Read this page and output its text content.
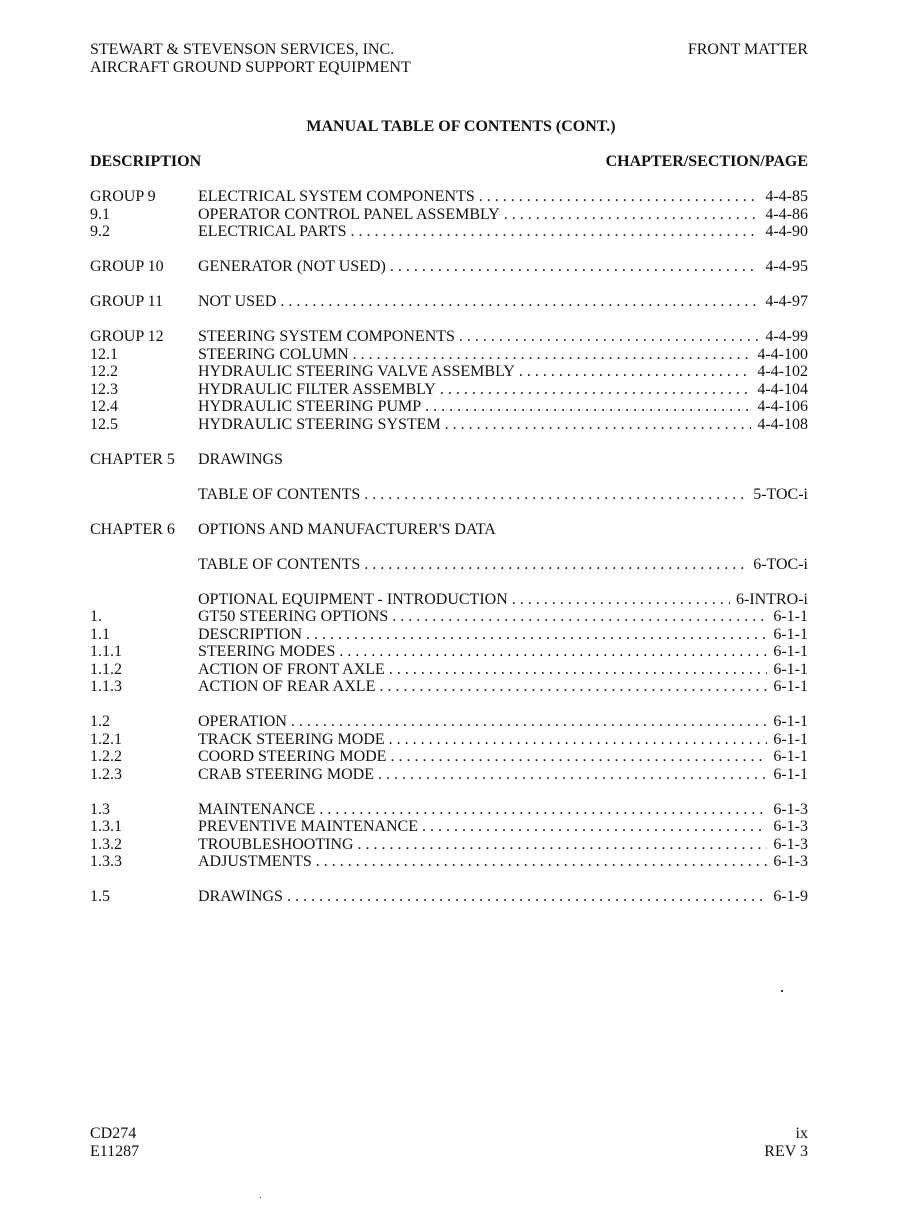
STEWART & STEVENSON SERVICES, INC.
AIRCRAFT GROUND SUPPORT EQUIPMENT
FRONT MATTER
MANUAL TABLE OF CONTENTS (CONT.)
DESCRIPTION	CHAPTER/SECTION/PAGE
GROUP 9	ELECTRICAL SYSTEM COMPONENTS . . .	4-4-85
9.1	OPERATOR CONTROL PANEL ASSEMBLY . . .	4-4-86
9.2	ELECTRICAL PARTS . . .	4-4-90
GROUP 10 GENERATOR (NOT USED) . . .	4-4-95
GROUP 11 NOT USED . . .	4-4-97
GROUP 12 STEERING SYSTEM COMPONENTS . . .	4-4-99
12.1	STEERING COLUMN . . .	4-4-100
12.2	HYDRAULIC STEERING VALVE ASSEMBLY . . .	4-4-102
12.3	HYDRAULIC FILTER ASSEMBLY . . .	4-4-104
12.4	HYDRAULIC STEERING PUMP . . .	4-4-106
12.5	HYDRAULIC STEERING SYSTEM . . .	4-4-108
CHAPTER 5 DRAWINGS
TABLE OF CONTENTS . . .	5-TOC-i
CHAPTER 6 OPTIONS AND MANUFACTURER'S DATA
TABLE OF CONTENTS . . .	6-TOC-i
OPTIONAL EQUIPMENT - INTRODUCTION . . .	6-INTRO-i
1.	GT50 STEERING OPTIONS . . .	6-1-1
1.1	DESCRIPTION . . .	6-1-1
1.1.1	STEERING MODES . . .	6-1-1
1.1.2	ACTION OF FRONT AXLE . . .	6-1-1
1.1.3	ACTION OF REAR AXLE . . .	6-1-1
1.2	OPERATION . . .	6-1-1
1.2.1	TRACK STEERING MODE . . .	6-1-1
1.2.2	COORD STEERING MODE . . .	6-1-1
1.2.3	CRAB STEERING MODE . . .	6-1-1
1.3	MAINTENANCE . . .	6-1-3
1.3.1	PREVENTIVE MAINTENANCE . . .	6-1-3
1.3.2	TROUBLESHOOTING . . .	6-1-3
1.3.3	ADJUSTMENTS . . .	6-1-3
1.5	DRAWINGS . . .	6-1-9
CD274
E11287
ix
REV 3
